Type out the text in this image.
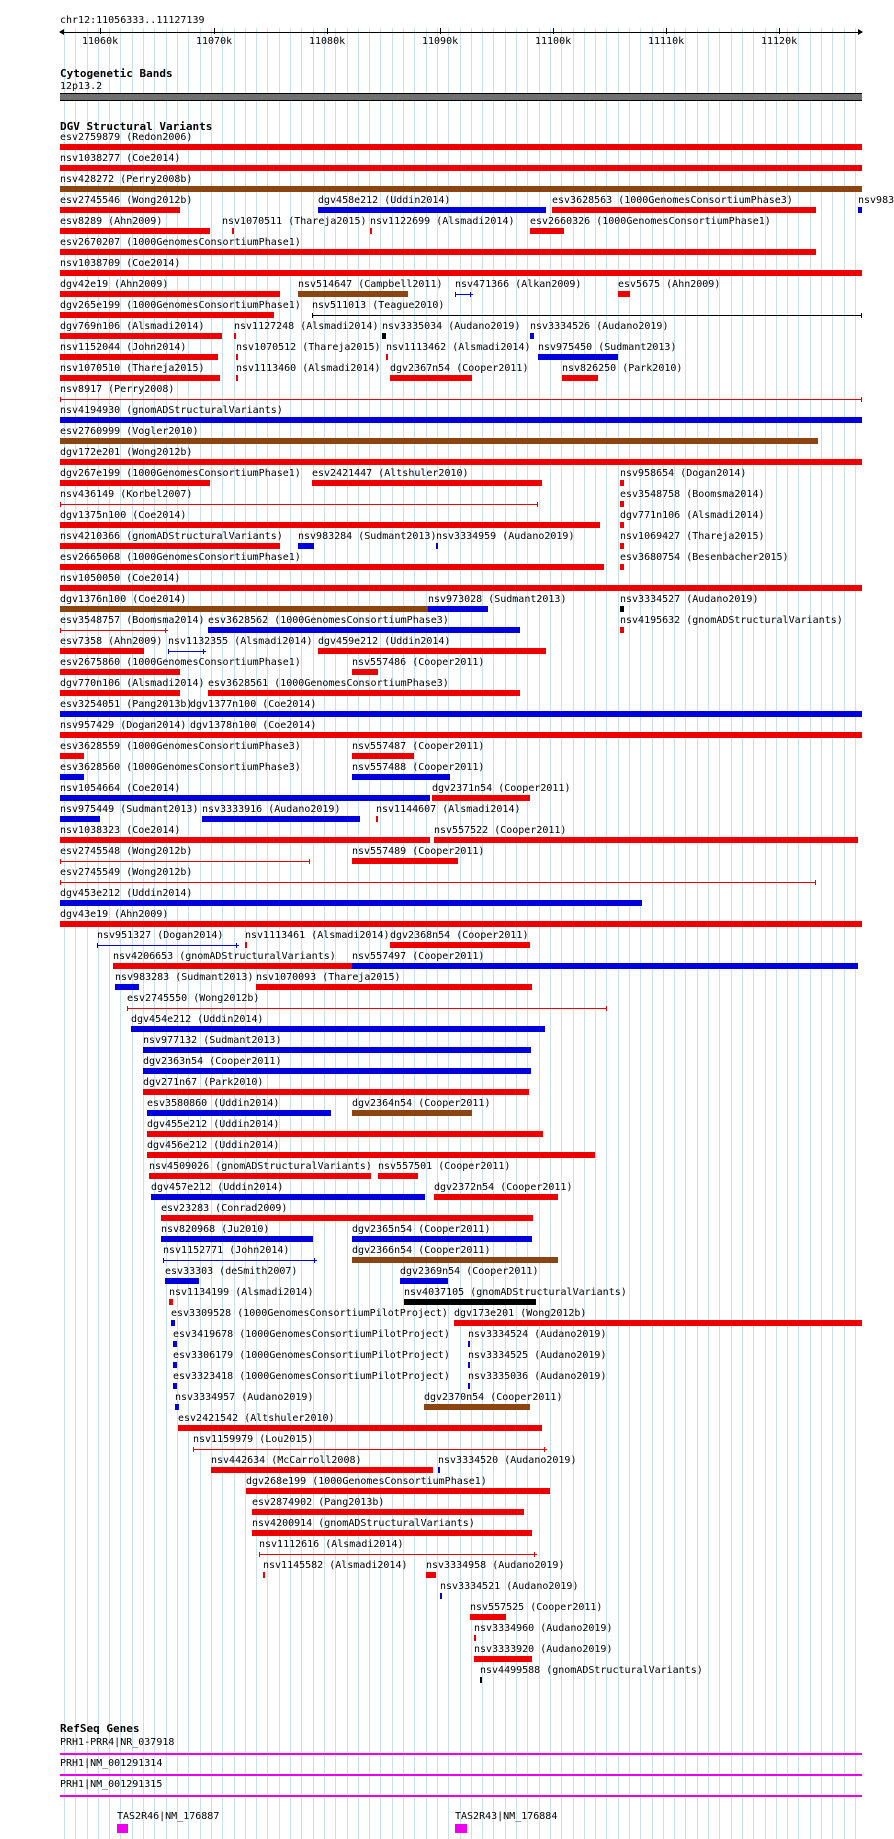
chr12:11056333..11127139
11060k	11070k	11080k	11090k	11100k	11110k	11120k
Cytogenetic Bands
12p13.2
DGV Structural Variants
esv2759879 (Redon2006)
nsv1038277 (Coe2014)
nsv428272 (Perry2008b)
esv2745546 (Wong2012b)	dgv458e212 (Uddin2014)	esv3628563 (1000GenomesConsortiumPhase3)	nsv983
esv8289 (Ahn2009)	nsv1070511 (Thareja2015) nsv1122699 (Alsmadi2014) esv2660326 (1000GenomesConsortiumPhase1)
esv2670207 (1000GenomesConsortiumPhase1)
nsv1038709 (Coe2014)
dgv42e19 (Ahn2009)	nsv514647 (Campbell2011) nsv471366 (Alkan2009)	esv5675 (Ahn2009)
dgv265e199 (1000GenomesConsortiumPhase1) nsv511013 (Teague2010)
dgv769n106 (Alsmadi2014)	nsv1127248 (Alsmadi2014) nsv3335034 (Audano2019) nsv3334526 (Audano2019)
nsv1152044 (John2014)	nsv1070512 (Thareja2015) nsv1113462 (Alsmadi2014) nsv975450 (Sudmant2013)
nsv1070510 (Thareja2015)	nsv1113460 (Alsmadi2014) dgv2367n54 (Cooper2011)	nsv826250 (Park2010)
nsv8917 (Perry2008)
nsv4194930 (gnomADStructuralVariants)
esv2760999 (Vogler2010)
dgv172e201 (Wong2012b)
dgv267e199 (1000GenomesConsortiumPhase1) esv2421447 (Altshuler2010)	nsv958654 (Dogan2014)
nsv436149 (Korbel2007)	esv3548758 (Boomsma2014)
dgv1375n100 (Coe2014)	dgv771n106 (Alsmadi2014)
nsv4210366 (gnomADStructuralVariants) nsv983284 (Sudmant2013) nsv3334959 (Audano2019)	nsv1069427 (Thareja2015)
esv2665068 (1000GenomesConsortiumPhase1)	esv3680754 (Besenbacher2015)
nsv1050050 (Coe2014)
dgv1376n100 (Coe2014)	nsv973028 (Sudmant2013)	nsv3334527 (Audano2019)
esv3548757 (Boomsma2014) esv3628562 (1000GenomesConsortiumPhase3)	nsv4195632 (gnomADStructuralVariants)
esv7358 (Ahn2009) nsv1132355 (Alsmadi2014) dgv459e212 (Uddin2014)
esv2675860 (1000GenomesConsortiumPhase1)	nsv557486 (Cooper2011)
dgv770n106 (Alsmadi2014) esv3628561 (1000GenomesConsortiumPhase3)
esv3254051 (Pang2013b)
dgv1377n100 (Coe2014)
nsv957429 (Dogan2014) dgv1378n100 (Coe2014)
esv3628559 (1000GenomesConsortiumPhase3)	nsv557487 (Cooper2011)
esv3628560 (1000GenomesConsortiumPhase3)	nsv557488 (Cooper2011)
nsv1054664 (Coe2014)	dgv2371n54 (Cooper2011)
nsv975449 (Sudmant2013) nsv3333916 (Audano2019)	nsv1144607 (Alsmadi2014)
nsv1038323 (Coe2014)	nsv557522 (Cooper2011)
esv2745548 (Wong2012b)	nsv557489 (Cooper2011)
esv2745549 (Wong2012b)
dgv453e212 (Uddin2014)
dgv43e19 (Ahn2009)
nsv951327 (Dogan2014) nsv1113461 (Alsmadi2014) dgv2368n54 (Cooper2011)
nsv4206653 (gnomADStructuralVariants) nsv557497 (Cooper2011)
nsv983283 (Sudmant2013) nsv1070093 (Thareja2015)
esv2745550 (Wong2012b)
dgv454e212 (Uddin2014)
nsv977132 (Sudmant2013)
dgv2363n54 (Cooper2011)
dgv271n67 (Park2010)
esv3580860 (Uddin2014)	dgv2364n54 (Cooper2011)
dgv455e212 (Uddin2014)
dgv456e212 (Uddin2014)
nsv4509026 (gnomADStructuralVariants) nsv557501 (Cooper2011)
dgv457e212 (Uddin2014)	dgv2372n54 (Cooper2011)
esv23283 (Conrad2009)
nsv820968 (Ju2010)	dgv2365n54 (Cooper2011)
nsv1152771 (John2014)	dgv2366n54 (Cooper2011)
esv33303 (deSmith2007)	dgv2369n54 (Cooper2011)
nsv1134199 (Alsmadi2014)	nsv4037105 (gnomADStructuralVariants)
esv3309528 (1000GenomesConsortiumPilotProject) dgv173e201 (Wong2012b)
esv3419678 (1000GenomesConsortiumPilotProject) nsv3334524 (Audano2019)
esv3306179 (1000GenomesConsortiumPilotProject) nsv3334525 (Audano2019)
esv3323418 (1000GenomesConsortiumPilotProject) nsv3335036 (Audano2019)
nsv3334957 (Audano2019)	dgv2370n54 (Cooper2011)
esv2421542 (Altshuler2010)
nsv1159979 (Lou2015)
nsv442634 (McCarroll2008)	nsv3334520 (Audano2019)
dgv268e199 (1000GenomesConsortiumPhase1)
esv2874902 (Pang2013b)
nsv4200914 (gnomADStructuralVariants)
nsv1112616 (Alsmadi2014)
nsv1145582 (Alsmadi2014) nsv3334958 (Audano2019)
nsv3334521 (Audano2019)
nsv557525 (Cooper2011)
nsv3334960 (Audano2019)
nsv3333920 (Audano2019)
nsv4499588 (gnomADStructuralVariants)
RefSeq Genes
PRH1-PRR4|NR_037918
PRH1|NM_001291314
PRH1|NM_001291315
TAS2R46|NM_176887	TAS2R43|NM_176884
